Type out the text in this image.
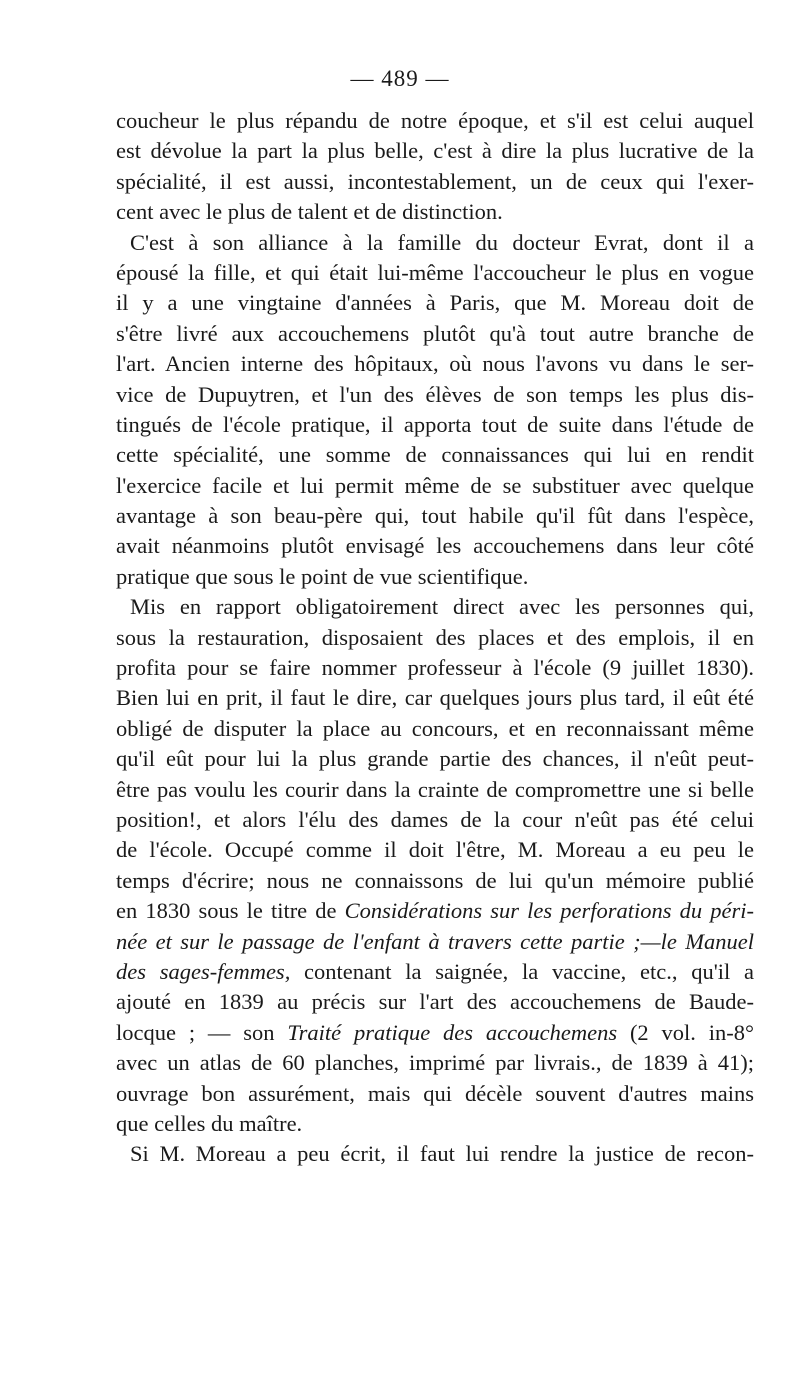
— 489 —
coucheur le plus répandu de notre époque, et s'il est celui auquel
est dévolue la part la plus belle, c'est à dire la plus lucrative de la
spécialité, il est aussi, incontestablement, un de ceux qui l'exer-
cent avec le plus de talent et de distinction.
C'est à son alliance à la famille du docteur Evrat, dont il a
épousé la fille, et qui était lui-même l'accoucheur le plus en vogue
il y a une vingtaine d'années à Paris, que M. Moreau doit de
s'être livré aux accouchemens plutôt qu'à tout autre branche de
l'art. Ancien interne des hôpitaux, où nous l'avons vu dans le ser-
vice de Dupuytren, et l'un des élèves de son temps les plus dis-
tingués de l'école pratique, il apporta tout de suite dans l'étude de
cette spécialité, une somme de connaissances qui lui en rendit
l'exercice facile et lui permit même de se substituer avec quelque
avantage à son beau-père qui, tout habile qu'il fût dans l'espèce,
avait néanmoins plutôt envisagé les accouchemens dans leur côté
pratique que sous le point de vue scientifique.
Mis en rapport obligatoirement direct avec les personnes qui,
sous la restauration, disposaient des places et des emplois, il en
profita pour se faire nommer professeur à l'école (9 juillet 1830).
Bien lui en prit, il faut le dire, car quelques jours plus tard, il eût été
obligé de disputer la place au concours, et en reconnaissant même
qu'il eût pour lui la plus grande partie des chances, il n'eût peut-
être pas voulu les courir dans la crainte de compromettre une si belle
position!, et alors l'élu des dames de la cour n'eût pas été celui
de l'école. Occupé comme il doit l'être, M. Moreau a eu peu le
temps d'écrire; nous ne connaissons de lui qu'un mémoire publié
en 1830 sous le titre de Considérations sur les perforations du péri-
née et sur le passage de l'enfant à travers cette partie ;—le Manuel
des sages-femmes, contenant la saignée, la vaccine, etc., qu'il a
ajouté en 1839 au précis sur l'art des accouchemens de Baude-
locque ; — son Traité pratique des accouchemens (2 vol. in-8°
avec un atlas de 60 planches, imprimé par livrais., de 1839 à 41);
ouvrage bon assurément, mais qui décèle souvent d'autres mains
que celles du maître.
Si M. Moreau a peu écrit, il faut lui rendre la justice de recon-
